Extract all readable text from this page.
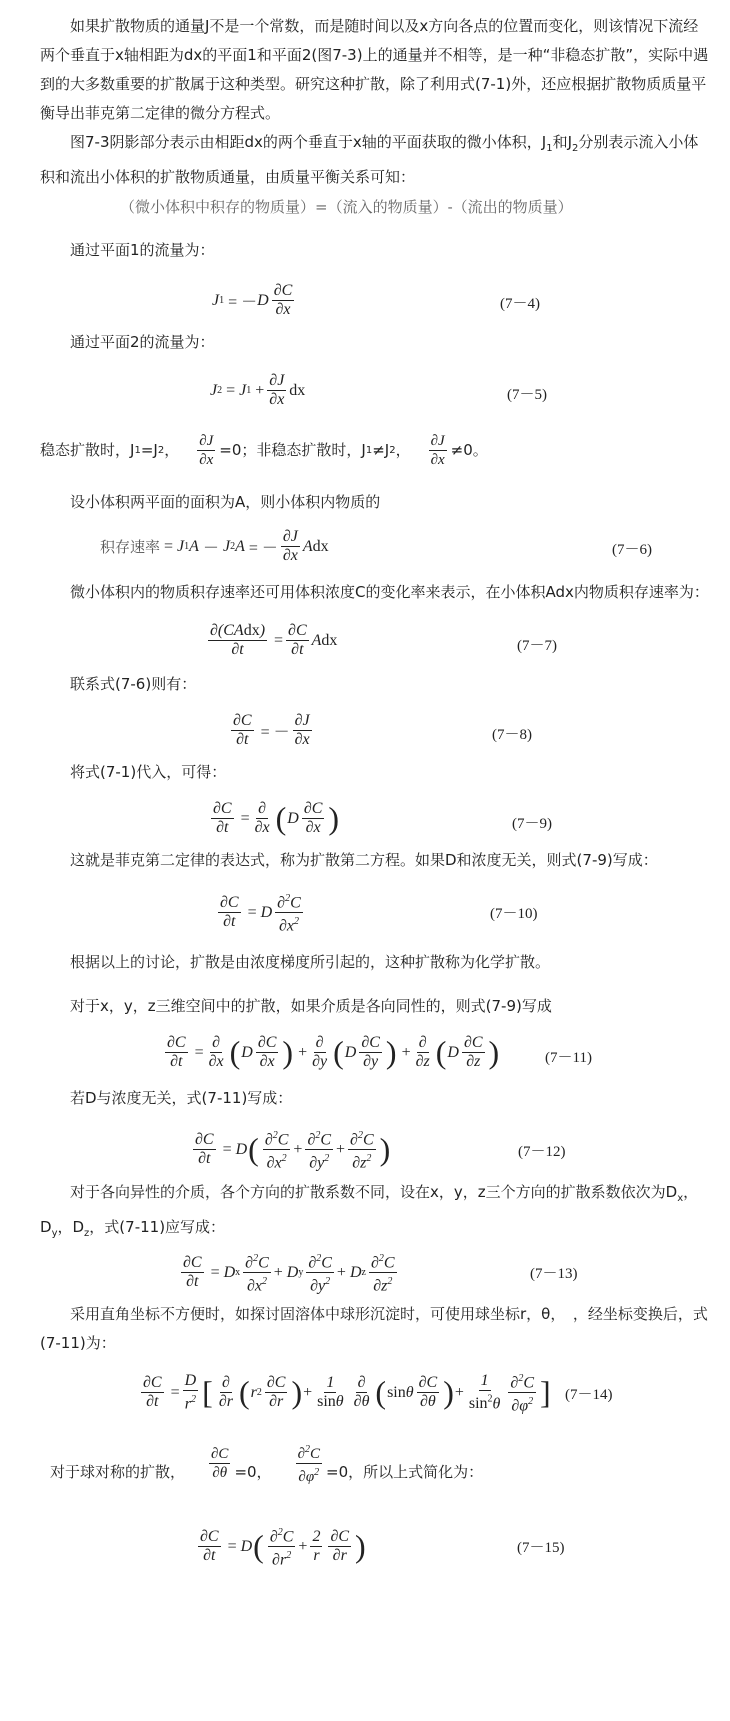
如果扩散物质的通量J不是一个常数，而是随时间以及x方向各点的位置而变化，则该情况下流经两个垂直于x轴相距为dx的平面1和平面2(图7-3)上的通量并不相等，是一种“非稳态扩散”，实际中遇到的大多数重要的扩散属于这种类型。研究这种扩散，除了利用式(7-1)外，还应根据扩散物质质量平衡导出菲克第二定律的微分方程式。

图7-3阴影部分表示由相距dx的两个垂直于x轴的平面获取的微小体积，$J_1$和$J_2$分别表示流入小体积和流出小体积的扩散物质通量，由质量平衡关系可知：

（微小体积中积存的物质量）=（流入的物质量）-（流出的物质量）

通过平面1的流量为：

J 1 = － D $\frac{\partial C}{\partial x}$	(7－4)

通过平面2的流量为：

J 2 = J $1 + \frac{\partial J}{\partial x}$ dx	(7－5)
稳态扩散时，J 1 =J 2 ， $\frac{\partial J}{\partial x} =0$；非稳态扩散时，J 1 ≠J 2 ， $\frac{\partial J}{\partial x} \ne 0$。

设小体积两平面的面积为A，则小体积内物质的

积存速率 = J 1 A － J 2 A = － $\frac{\partial J}{\partial x}$ A dx	(7－6)

微小体积内的物质积存速率还可用体积浓度C的变化率来表示，在小体积Adx内物质积存速率为：

$\frac{\text{∂(CAdx)}}{\partial t} = \frac{\partial C}{\partial t}$ A dx	(7－7)

联系式(7-6)则有：

$\frac{\partial C}{\partial t}$ = － $\frac{\partial J}{\partial x}$	(7－8)

将式(7-1)代入，可得：

$\frac{\partial C}{\partial t} = \frac{\partial}{\partial x}$ ( D $\frac{\partial C}{\partial x}$ )	(7－9)

这就是菲克第二定律的表达式，称为扩散第二方程。如果D和浓度无关，则式(7-9)写成：

$\frac{\partial C}{\partial t} = D \frac{\partial^2C}{\partial x^2}$	(7－10)

根据以上的讨论，扩散是由浓度梯度所引起的，这种扩散称为化学扩散。

对于x，y，z三维空间中的扩散，如果介质是各向同性的，则式(7-9)写成

$\frac{\partial C}{\partial t} = \frac{\partial}{\partial x}$ ( D $\frac{\partial C}{\partial x}$ ) + $\frac{\partial}{\partial y}$ ( D $\frac{\partial C}{\partial y}$ ) + $\frac{\partial}{\partial z}$ ( D $\frac{\partial C}{\partial z}$ )	(7－11)

若D与浓度无关，式(7-11)写成：

$\frac{\partial C}{\partial t} = D$ ( $\frac{\partial^2C}{\partial x^2} + \frac{\partial^2C}{\partial y^2} + \frac{\partial^2C}{\partial z^2}$ )	(7－12)

对于各向异性的介质，各个方向的扩散系数不同，设在x，y，z三个方向的扩散系数依次为$D_x$，$D_y$，$D_z$，式(7-11)应写成：

$\frac{\partial C}{\partial t} = D$ x $\frac{\partial^2C}{\partial x^2} + D$ y $\frac{\partial^2C}{\partial y^2} + D$ z $\frac{\partial^2C}{\partial z^2}$	(7－13)

采用直角坐标不方便时，如探讨固溶体中球形沉淀时，可使用球坐标r，θ，　，经坐标变换后，式(7-11)为：

$\frac{\partial C}{\partial t} = \frac{D}{r^2}$ [ $\frac{\partial}{\partial r}$ ( r $2 \frac{\partial C}{\partial r}$ ) + $\frac{1}{\sin\theta} \frac{\partial}{\partial\theta}$ ( sin θ $\frac{\partial C}{\partial\theta}$ ) + $\frac{1}{\sin^2\theta} \frac{\partial^2C}{\partial\varphi^2}$ ] (7－14)
对于球对称的扩散， $\frac{\partial C}{\partial\theta} =0$， $\frac{\partial^2C}{\partial\varphi^2} =0$，所以上式简化为：
$\frac{\partial C}{\partial t} = D$ ( $\frac{\partial^2C}{\partial r^2} + \frac{2}{r} \frac{\partial C}{\partial r}$ )	(7－15)
